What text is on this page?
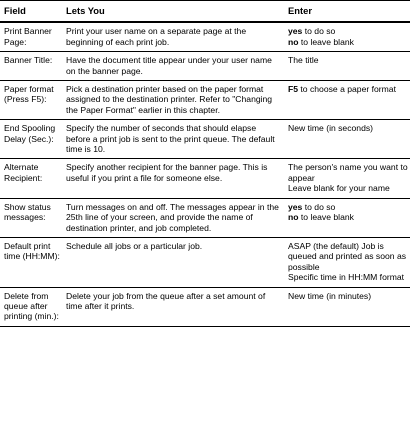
Field	Lets You	Enter
Print Banner Page:	Print your user name on a separate page at the beginning of each print job.	yes to do so
no to leave blank

Banner Title:	Have the document title appear under your user name on the banner page.	The title

Paper format (Press F5):	Pick a destination printer based on the paper format assigned to the destination printer. Refer to "Changing the Paper Format" earlier in this chapter.	F5 to choose a paper format

End Spooling Delay (Sec.):	Specify the number of seconds that should elapse before a print job is sent to the print queue. The default time is 10.	New time (in seconds)

Alternate Recipient:	Specify another recipient for the banner page. This is useful if you print a file for someone else.	The person's name you want to appear
Leave blank for your name

Show status messages:	Turn messages on and off. The messages appear in the 25th line of your screen, and provide the name of destination printer, and job completed.	yes to do so
no to leave blank

Default print time (HH:MM):	Schedule all jobs or a particular job.	ASAP (the default) Job is queued and printed as soon as possible
Specific time in HH:MM format

Delete from queue after printing (min.):	Delete your job from the queue after a set amount of time after it prints.	New time (in minutes)
